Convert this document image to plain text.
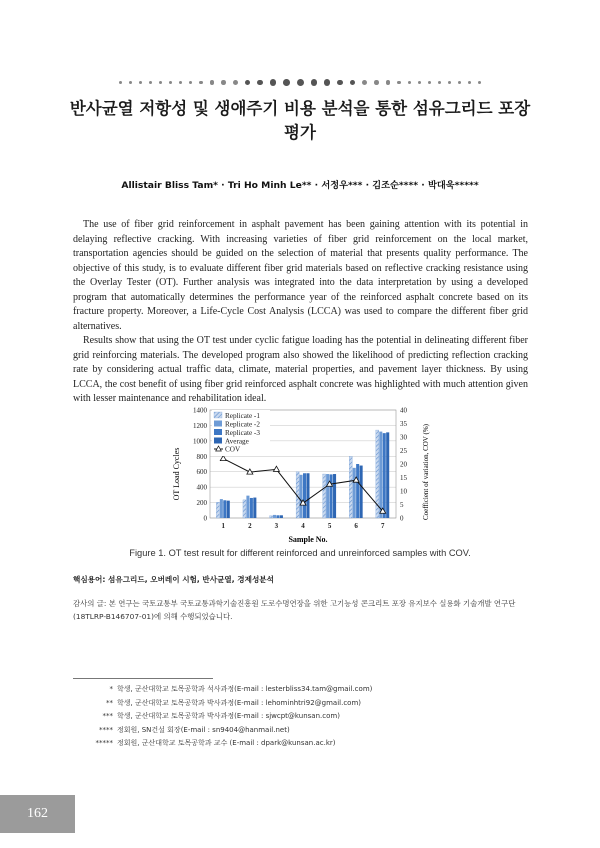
반사균열 저항성 및 생애주기 비용 분석을 통한 섬유그리드 포장 평가
Allistair Bliss Tam* · Tri Ho Minh Le** · 서정우*** · 김조순**** · 박대욱*****

The use of fiber grid reinforcement in asphalt pavement has been gaining attention with its potential in delaying reflective cracking. With increasing varieties of fiber grid reinforcement on the local market, transportation agencies should be guided on the selection of material that presents quality performance. The objective of this study, is to evaluate different fiber grid materials based on reflective cracking resistance using the Overlay Tester (OT). Further analysis was integrated into the data interpretation by using a developed program that automatically determines the performance year of the reinforced asphalt concrete based on its fracture property. Moreover, a Life-Cycle Cost Analysis (LCCA) was used to compare the different fiber grid alternatives.

Results show that using the OT test under cyclic fatigue loading has the potential in delineating different fiber grid reinforcing materials. The developed program also showed the likelihood of predicting reflection cracking rate by considering actual traffic data, climate, material properties, and pavement layer thickness. By using LCCA, the cost benefit of using fiber grid reinforced asphalt concrete was highlighted with much attention given with lesser maintenance and rehabilitation ideal.

0
200
400
600
800
1000
1200
1400
0
5
10
15
20
25
30
35
40
1	2	3	4	5	6	7
Replicate -1
Replicate -2
Replicate -3
Average
COV
OT Load Cycles	Coefficient of variation, COV (%)
Sample No.
Figure 1. OT test result for different reinforced and unreinforced samples with COV.
핵심용어: 섬유그리드, 오버레이 시험, 반사균열, 경제성분석
감사의 글: 본 연구는 국토교통부 국토교통과학기술진흥원 도로수명연장을 위한 고기능성 콘크리트 포장 유지보수 실용화 기술개발 연구단(18TLRP-B146707-01)에 의해 수행되었습니다.
* 학생, 군산대학교 토목공학과 석사과정(E-mail : lesterbliss34.tam@gmail.com)
** 학생, 군산대학교 토목공학과 박사과정(E-mail : lehominhtri92@gmail.com)
*** 학생, 군산대학교 토목공학과 박사과정(E-mail : sjwcpt@kunsan.com)
**** 정회원, SN건설 회장(E-mail : sn9404@hanmail.net)
***** 정회원, 군산대학교 토목공학과 교수 (E-mail : dpark@kunsan.ac.kr)
162
